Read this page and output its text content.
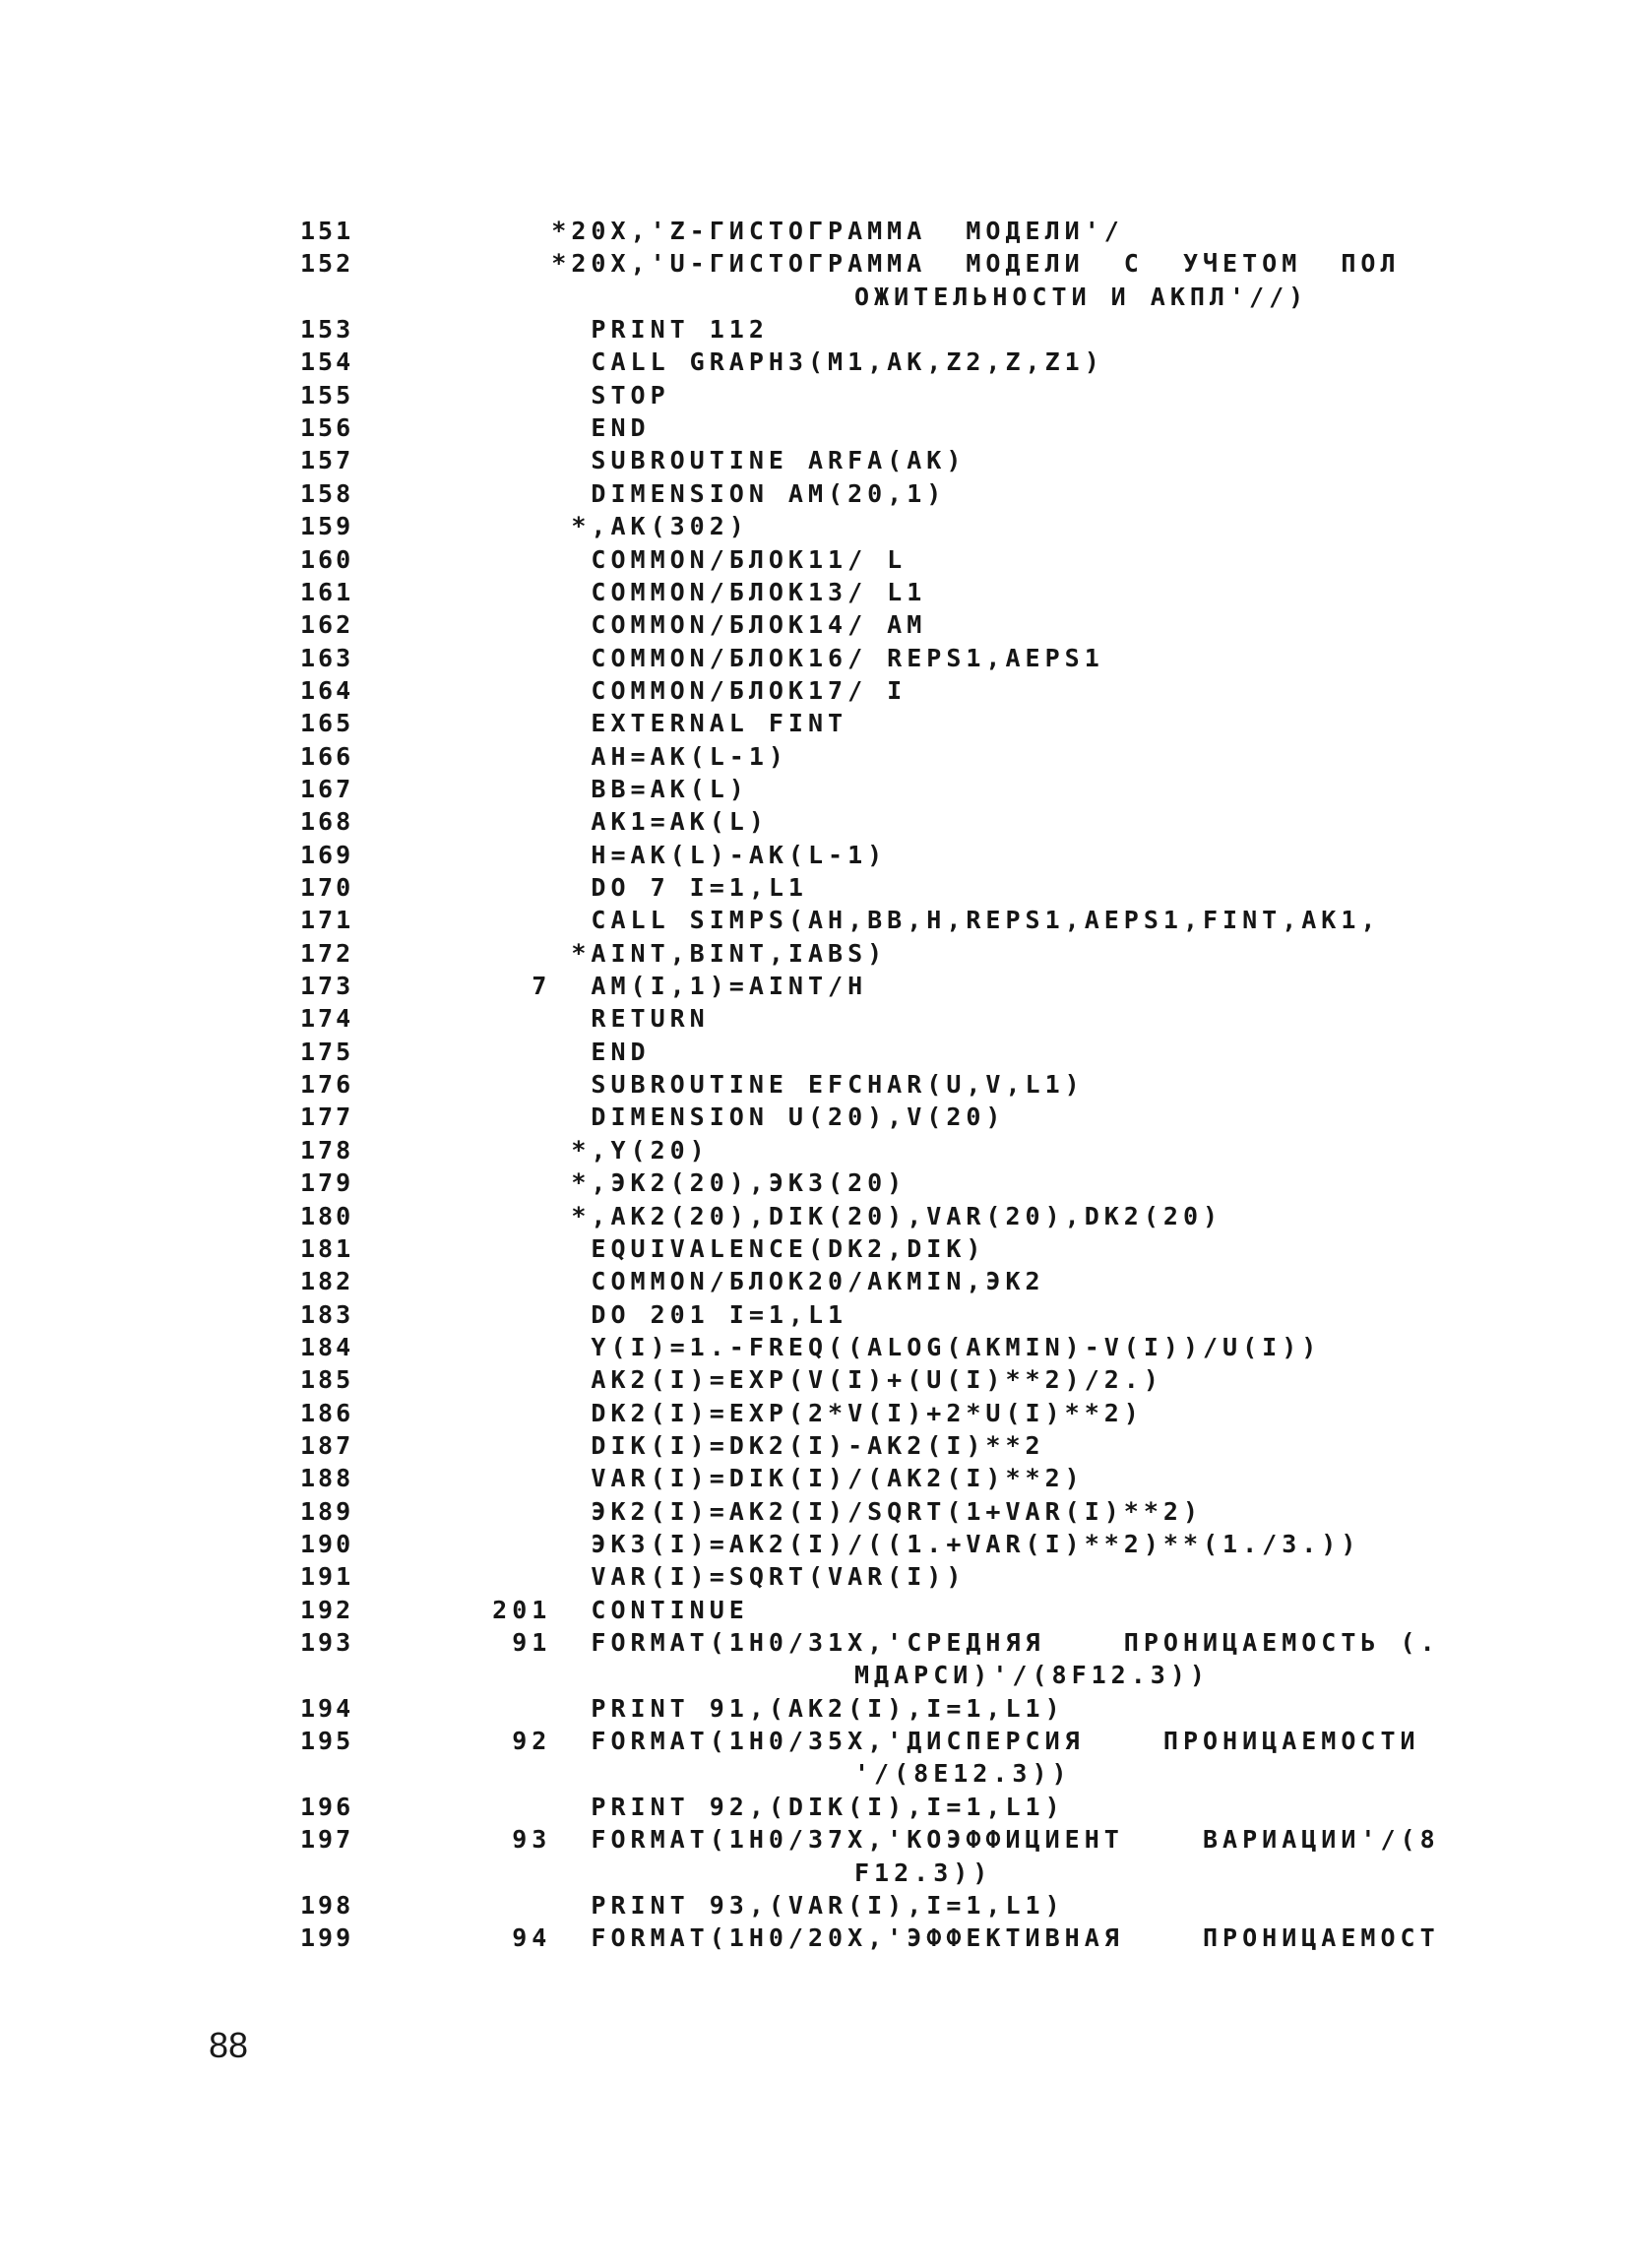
151	*20X,'Z-ГИСТОГРАММА  МОДЕЛИ'/
152	*20X,'U-ГИСТОГРАММА  МОДЕЛИ  С  УЧЕТОМ  ПОЛ
ОЖИТЕЛЬНОСТИ И АКПЛ'//)
153	PRINT 112
154	CALL GRAPH3(M1,AK,Z2,Z,Z1)
155	STOP
156	END
157	SUBROUTINE ARFA(AK)
158	DIMENSION AM(20,1)
159	*,AK(302)
160	COMMON/БЛОК11/ L
161	COMMON/БЛОК13/ L1
162	COMMON/БЛОК14/ AM
163	COMMON/БЛОК16/ REPS1,AEPS1
164	COMMON/БЛОК17/ I
165	EXTERNAL FINT
166	AH=AK(L-1)
167	BB=AK(L)
168	AK1=AK(L)
169	H=AK(L)-AK(L-1)
170	DO 7 I=1,L1
171	CALL SIMPS(AH,BB,H,REPS1,AEPS1,FINT,AK1,
172	*AINT,BINT,IABS)
173	7  AM(I,1)=AINT/H
174	RETURN
175	END
176	SUBROUTINE EFCHAR(U,V,L1)
177	DIMENSION U(20),V(20)
178	*,Y(20)
179	*,ЭK2(20),ЭK3(20)
180	*,AK2(20),DIK(20),VAR(20),DK2(20)
181	EQUIVALENCE(DK2,DIK)
182	COMMON/БЛОК20/AKMIN,ЭK2
183	DO 201 I=1,L1
184	Y(I)=1.-FREQ((ALOG(AKMIN)-V(I))/U(I))
185	AK2(I)=EXP(V(I)+(U(I)**2)/2.)
186	DK2(I)=EXP(2*V(I)+2*U(I)**2)
187	DIK(I)=DK2(I)-AK2(I)**2
188	VAR(I)=DIK(I)/(AK2(I)**2)
189	ЭK2(I)=AK2(I)/SQRT(1+VAR(I)**2)
190	ЭK3(I)=AK2(I)/((1.+VAR(I)**2)**(1./3.))
191	VAR(I)=SQRT(VAR(I))
192	201  CONTINUE
193	91  FORMAT(1H0/31X,'СРЕДНЯЯ    ПРОНИЦАЕМОСТЬ (.
МДАРСИ)'/(8F12.3))
194	PRINT 91,(AK2(I),I=1,L1)
195	92  FORMAT(1H0/35X,'ДИСПЕРСИЯ    ПРОНИЦАЕМОСТИ
'/(8E12.3))
196	PRINT 92,(DIK(I),I=1,L1)
197	93  FORMAT(1H0/37X,'КОЭФФИЦИЕНТ    ВАРИАЦИИ'/(8
F12.3))
198	PRINT 93,(VAR(I),I=1,L1)
199	94  FORMAT(1H0/20X,'ЭФФЕКТИВНАЯ    ПРОНИЦАЕМОСТ
88
